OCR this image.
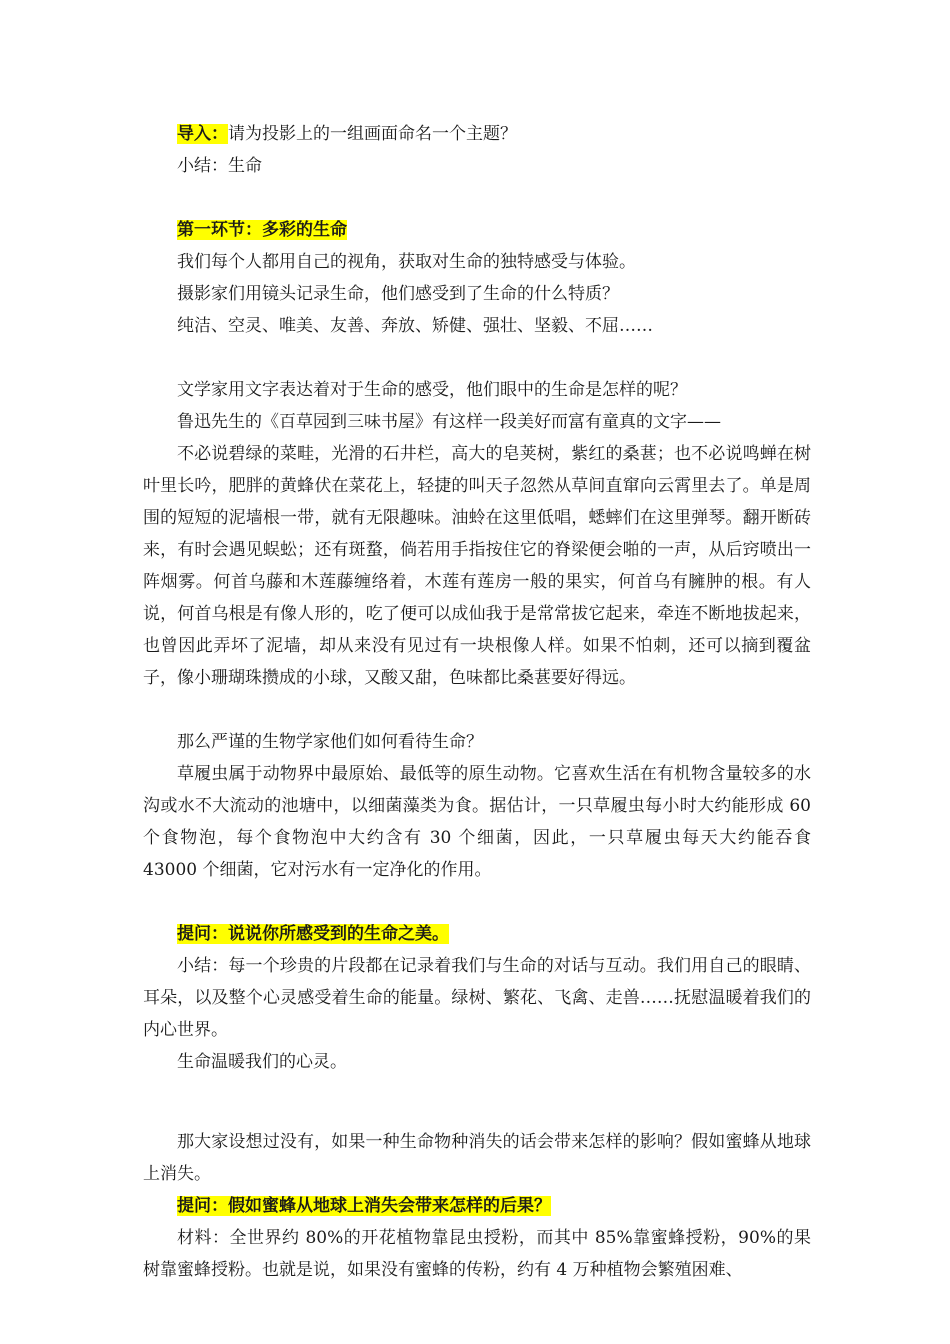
导入：请为投影上的一组画面命名一个主题？

小结：生命

第一环节：多彩的生命

我们每个人都用自己的视角，获取对生命的独特感受与体验。

摄影家们用镜头记录生命，他们感受到了生命的什么特质？

纯洁、空灵、唯美、友善、奔放、矫健、强壮、坚毅、不屈……

文学家用文字表达着对于生命的感受，他们眼中的生命是怎样的呢？

鲁迅先生的《百草园到三味书屋》有这样一段美好而富有童真的文字——

不必说碧绿的菜畦，光滑的石井栏，高大的皂荚树，紫红的桑葚；也不必说鸣蝉在树叶里长吟，肥胖的黄蜂伏在菜花上，轻捷的叫天子忽然从草间直窜向云霄里去了。单是周围的短短的泥墙根一带，就有无限趣味。油蛉在这里低唱，蟋蟀们在这里弹琴。翻开断砖来，有时会遇见蜈蚣；还有斑蝥，倘若用手指按住它的脊梁便会啪的一声，从后窍喷出一阵烟雾。何首乌藤和木莲藤缠络着，木莲有莲房一般的果实，何首乌有臃肿的根。有人说，何首乌根是有像人形的，吃了便可以成仙我于是常常拔它起来，牵连不断地拔起来，也曾因此弄坏了泥墙，却从来没有见过有一块根像人样。如果不怕刺，还可以摘到覆盆子，像小珊瑚珠攒成的小球，又酸又甜，色味都比桑葚要好得远。

那么严谨的生物学家他们如何看待生命？

草履虫属于动物界中最原始、最低等的原生动物。它喜欢生活在有机物含量较多的水沟或水不大流动的池塘中，以细菌藻类为食。据估计，一只草履虫每小时大约能形成 60 个食物泡，每个食物泡中大约含有 30 个细菌，因此，一只草履虫每天大约能吞食 43000 个细菌，它对污水有一定净化的作用。

提问：说说你所感受到的生命之美。

小结：每一个珍贵的片段都在记录着我们与生命的对话与互动。我们用自己的眼睛、耳朵，以及整个心灵感受着生命的能量。绿树、繁花、飞禽、走兽……抚慰温暖着我们的内心世界。

生命温暖我们的心灵。

那大家设想过没有，如果一种生命物种消失的话会带来怎样的影响？假如蜜蜂从地球上消失。

提问：假如蜜蜂从地球上消失会带来怎样的后果？

材料：全世界约 80%的开花植物靠昆虫授粉，而其中 85%靠蜜蜂授粉，90%的果树靠蜜蜂授粉。也就是说，如果没有蜜蜂的传粉，约有 4 万种植物会繁殖困难、
